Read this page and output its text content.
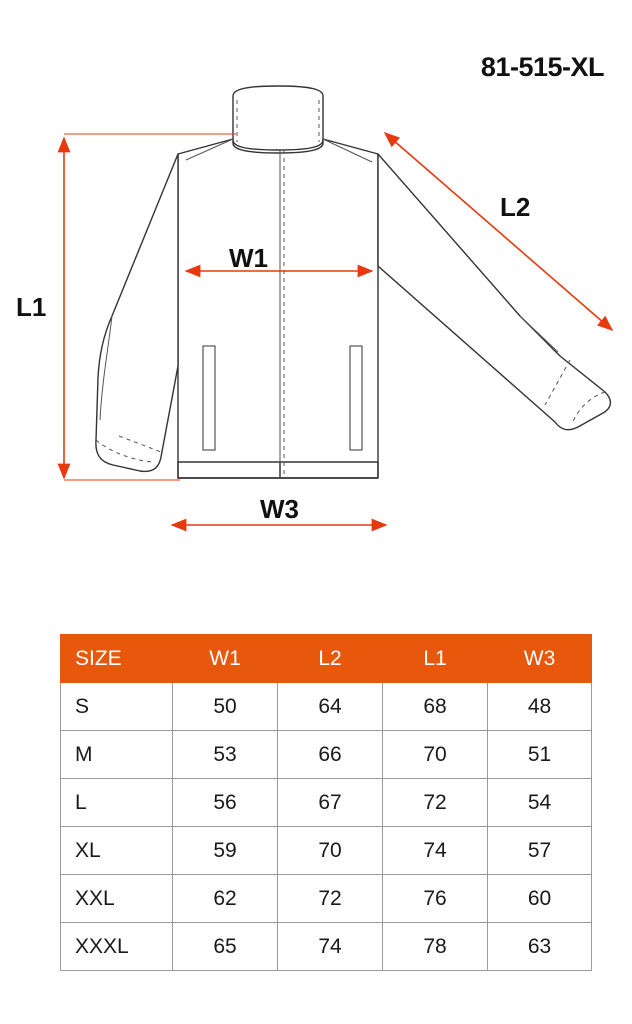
81-515-XL
L1
L2
W1
W3
SIZE	W1	L2	L1	W3
S	50	64	68	48
M	53	66	70	51
L	56	67	72	54
XL	59	70	74	57
XXL	62	72	76	60
XXXL	65	74	78	63
